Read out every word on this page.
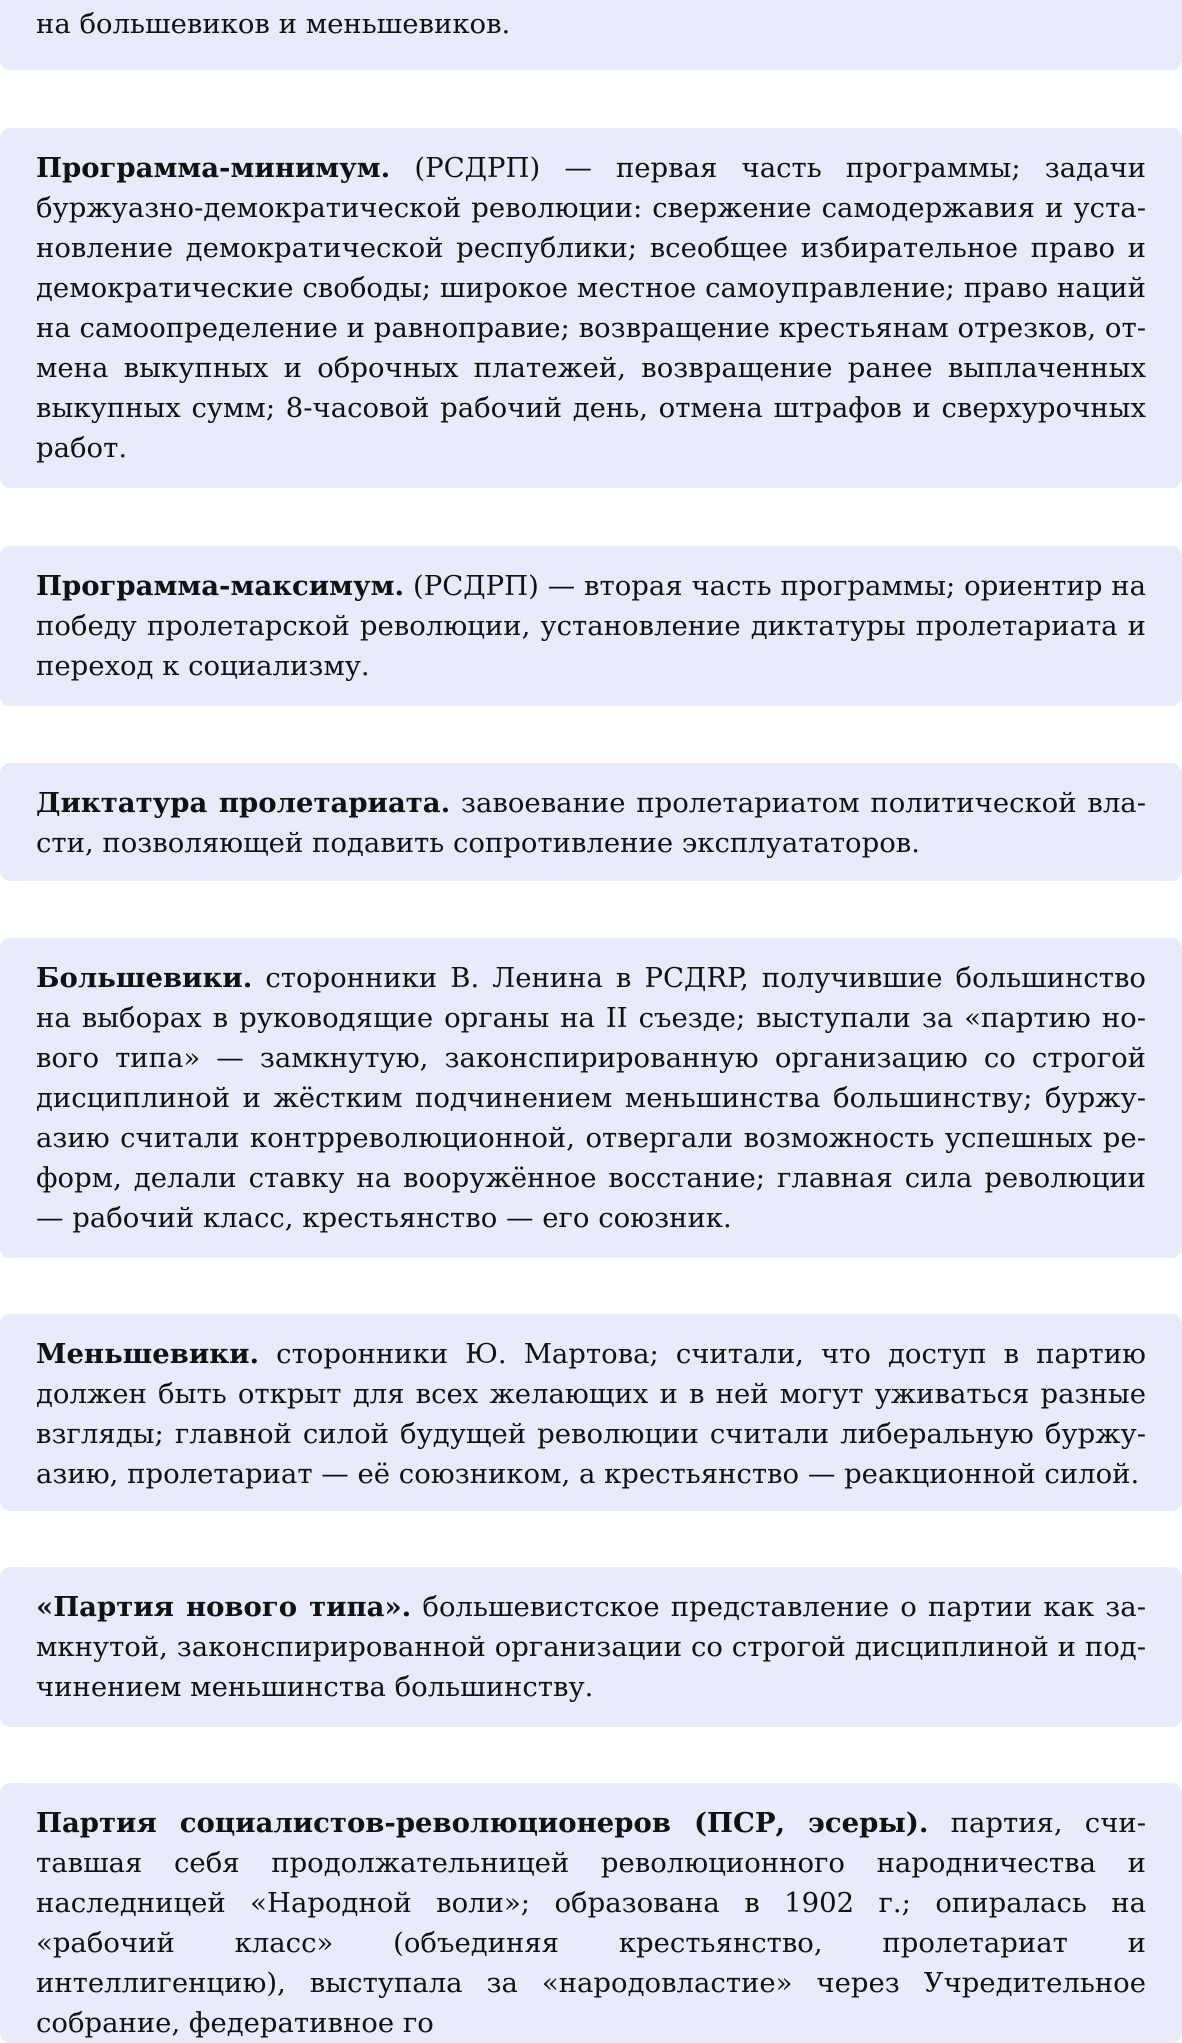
на большевиков и меньшевиков.
Программа-минимум. (РСДРП) — первая часть программы; задачи буржуазно-демократической революции: свержение самодержавия и установление демократической республики; всеобщее избирательное право и демократические свободы; широкое местное самоуправление; право наций на самоопределение и равноправие; возвращение крестьянам отрезков, отмена выкупных и оброчных платежей, возвращение ранее выплаченных выкупных сумм; 8-часовой рабочий день, отмена штрафов и сверхурочных работ.
Программа-максимум. (РСДРП) — вторая часть программы; ориентир на победу пролетарской революции, установление диктатуры пролетариата и переход к социализму.
Диктатура пролетариата. завоевание пролетариатом политической власти, позволяющей подавить сопротивление эксплуататоров.
Большевики. сторонники В. Ленина в РСДRP, получившие большинство на выборах в руководящие органы на II съезде; выступали за «партию нового типа» — замкнутую, законспирированную организацию со строгой дисциплиной и жёстким подчинением меньшинства большинству; буржуазию считали контрреволюционной, отвергали возможность успешных реформ, делали ставку на вооружённое восстание; главная сила революции — рабочий класс, крестьянство — его союзник.
Меньшевики. сторонники Ю. Мартова; считали, что доступ в партию должен быть открыт для всех желающих и в ней могут уживаться разные взгляды; главной силой будущей революции считали либеральную буржуазию, пролетариат — её союзником, а крестьянство — реакционной силой.
«Партия нового типа». большевистское представление о партии как замкнутой, законспирированной организации со строгой дисциплиной и подчинением меньшинства большинству.
Партия социалистов-революционеров (ПСР, эсеры). партия, считавшая себя продолжательницей революционного народничества и наследницей «Народной воли»; образована в 1902 г.; опиралась на «рабочий класс» (объединяя крестьянство, пролетариат и интеллигенцию), выступала за «народовластие» через Учредительное собрание, федеративное го
